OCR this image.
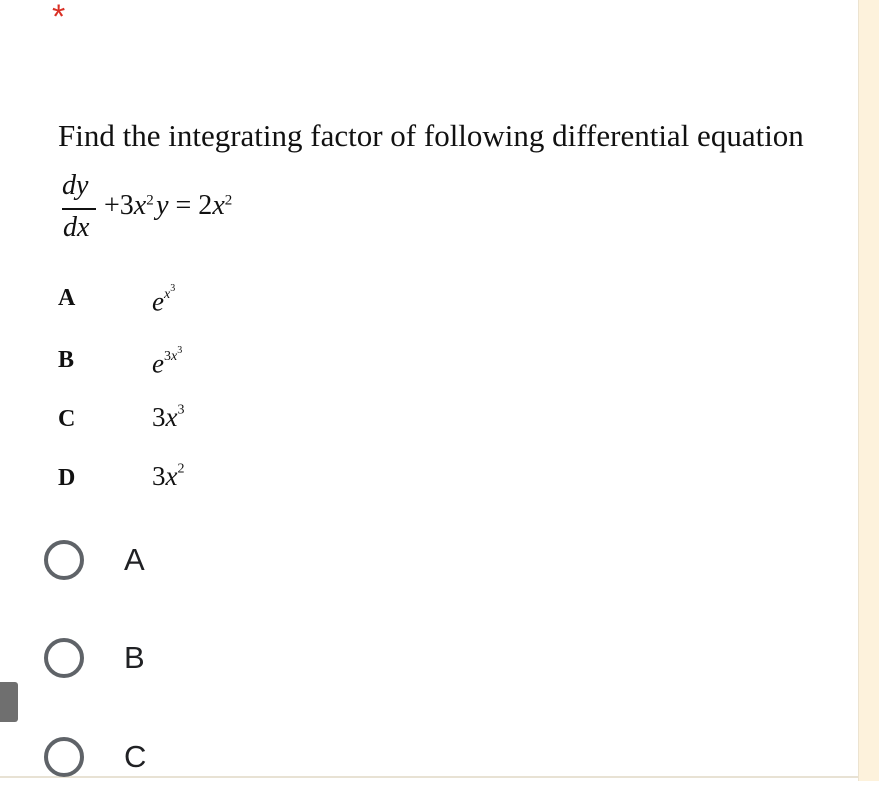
*
Find the integrating factor of following differential equation
dy
dx
$+3x^2$ $y = 2x^2$
A	$e^{x^3}$
B	$e^{3x^3}$
C	$3x^3$
D	$3x^2$
A
B
C
